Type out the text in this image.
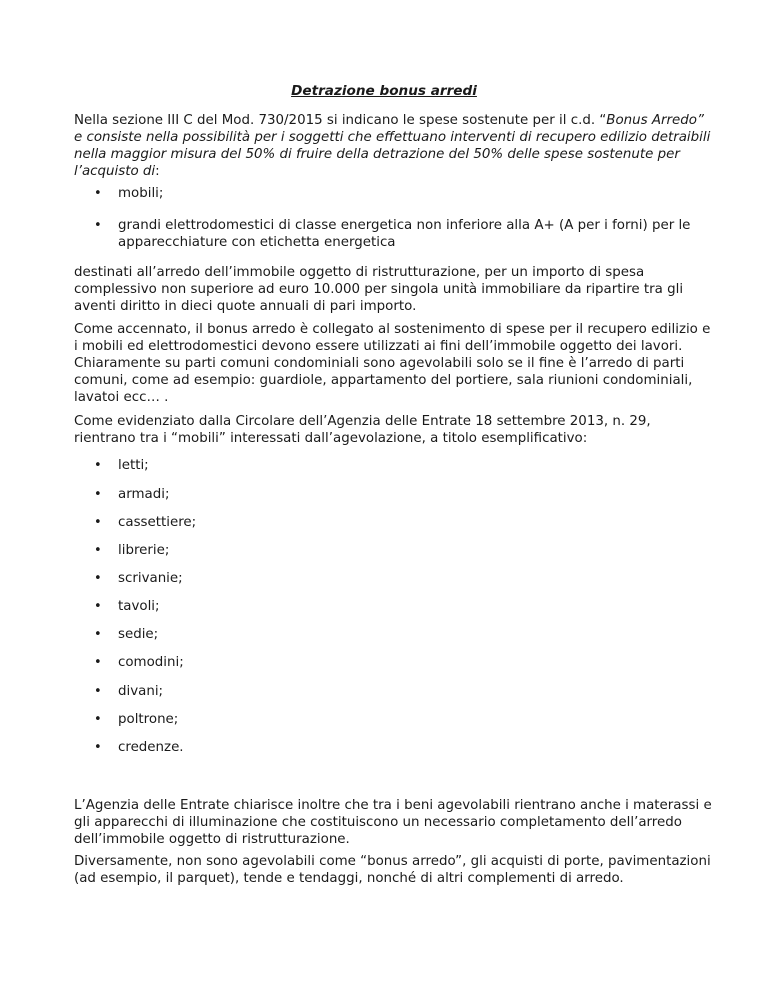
Detrazione bonus arredi

Nella sezione III C del Mod. 730/2015 si indicano le spese sostenute per il c.d. “Bonus Arredo” e consiste nella possibilità per i soggetti che effettuano interventi di recupero edilizio detraibili nella maggior misura del 50% di fruire della detrazione del 50% delle spese sostenute per l’acquisto di:

• mobili;
• grandi elettrodomestici di classe energetica non inferiore alla A+ (A per i forni) per le apparecchiature con etichetta energetica

destinati all’arredo dell’immobile oggetto di ristrutturazione, per un importo di spesa complessivo non superiore ad euro 10.000 per singola unità immobiliare da ripartire tra gli aventi diritto in dieci quote annuali di pari importo.

Come accennato, il bonus arredo è collegato al sostenimento di spese per il recupero edilizio e i mobili ed elettrodomestici devono essere utilizzati ai fini dell’immobile oggetto dei lavori. Chiaramente su parti comuni condominiali sono agevolabili solo se il fine è l’arredo di parti comuni, come ad esempio: guardiole, appartamento del portiere, sala riunioni condominiali, lavatoi ecc… .

Come evidenziato dalla Circolare dell’Agenzia delle Entrate 18 settembre 2013, n. 29, rientrano tra i “mobili” interessati dall’agevolazione, a titolo esemplificativo:

• letti;
• armadi;
• cassettiere;
• librerie;
• scrivanie;
• tavoli;
• sedie;
• comodini;
• divani;
• poltrone;
• credenze.

L’Agenzia delle Entrate chiarisce inoltre che tra i beni agevolabili rientrano anche i materassi e gli apparecchi di illuminazione che costituiscono un necessario completamento dell’arredo dell’immobile oggetto di ristrutturazione.

Diversamente, non sono agevolabili come “bonus arredo”, gli acquisti di porte, pavimentazioni (ad esempio, il parquet), tende e tendaggi, nonché di altri complementi di arredo.
